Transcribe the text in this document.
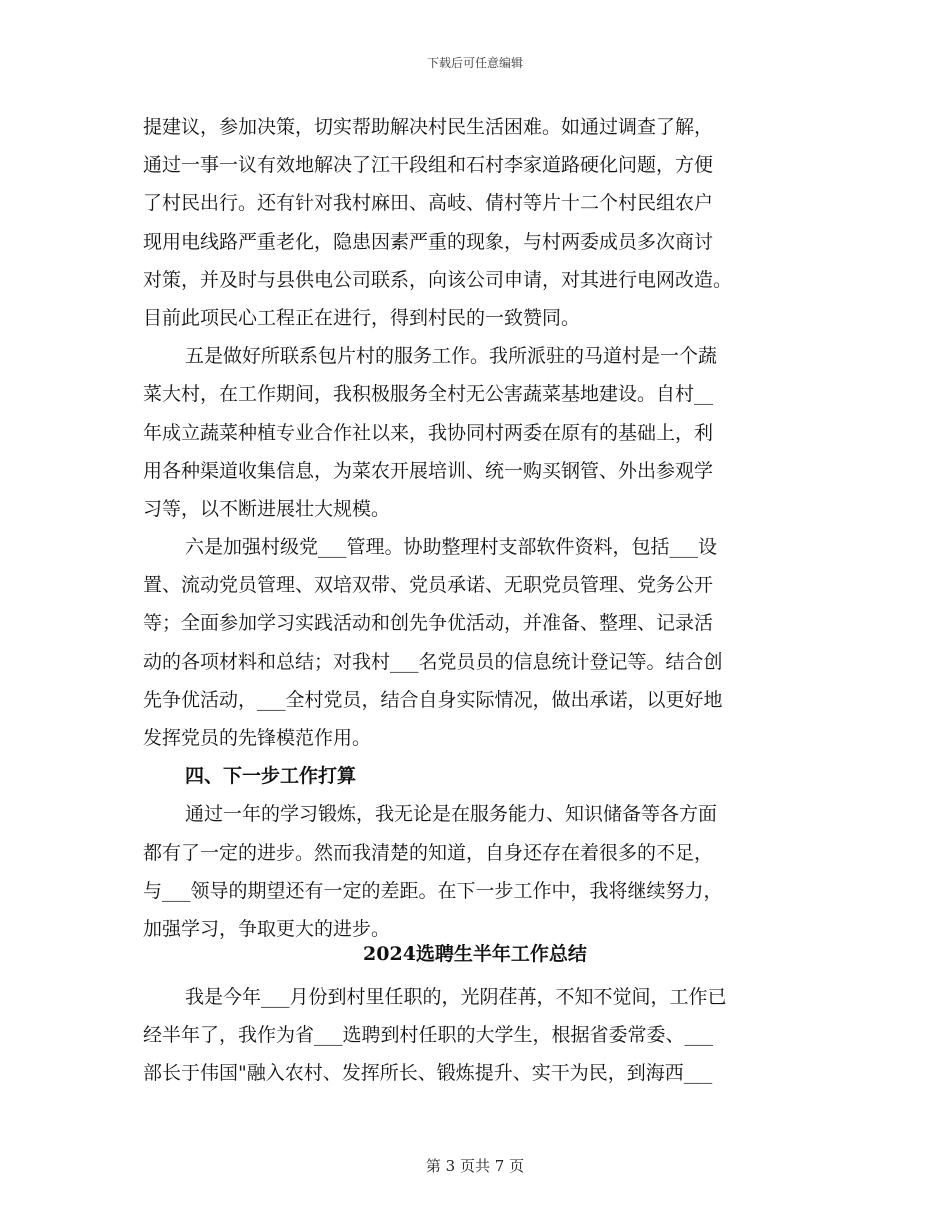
下载后可任意编辑
提建议，参加决策，切实帮助解决村民生活困难。如通过调查了解，
通过一事一议有效地解决了江干段组和石村李家道路硬化问题，方便
了村民出行。还有针对我村麻田、高岐、倩村等片十二个村民组农户
现用电线路严重老化，隐患因素严重的现象，与村两委成员多次商讨
对策，并及时与县供电公司联系，向该公司申请，对其进行电网改造。
目前此项民心工程正在进行，得到村民的一致赞同。
五是做好所联系包片村的服务工作。我所派驻的马道村是一个蔬
菜大村，在工作期间，我积极服务全村无公害蔬菜基地建设。自村__
年成立蔬菜种植专业合作社以来，我协同村两委在原有的基础上，利
用各种渠道收集信息，为菜农开展培训、统一购买钢管、外出参观学
习等，以不断进展壮大规模。
六是加强村级党___管理。协助整理村支部软件资料，包括___设
置、流动党员管理、双培双带、党员承诺、无职党员管理、党务公开
等；全面参加学习实践活动和创先争优活动，并准备、整理、记录活
动的各项材料和总结；对我村___名党员员的信息统计登记等。结合创
先争优活动，___全村党员，结合自身实际情况，做出承诺，以更好地
发挥党员的先锋模范作用。
四、下一步工作打算
通过一年的学习锻炼，我无论是在服务能力、知识储备等各方面
都有了一定的进步。然而我清楚的知道，自身还存在着很多的不足，
与___领导的期望还有一定的差距。在下一步工作中，我将继续努力，
加强学习，争取更大的进步。
2024选聘生半年工作总结
我是今年___月份到村里任职的，光阴荏苒，不知不觉间，工作已
经半年了，我作为省___选聘到村任职的大学生，根据省委常委、___
部长于伟国"融入农村、发挥所长、锻炼提升、实干为民，到海西___
第 3 页共 7 页
